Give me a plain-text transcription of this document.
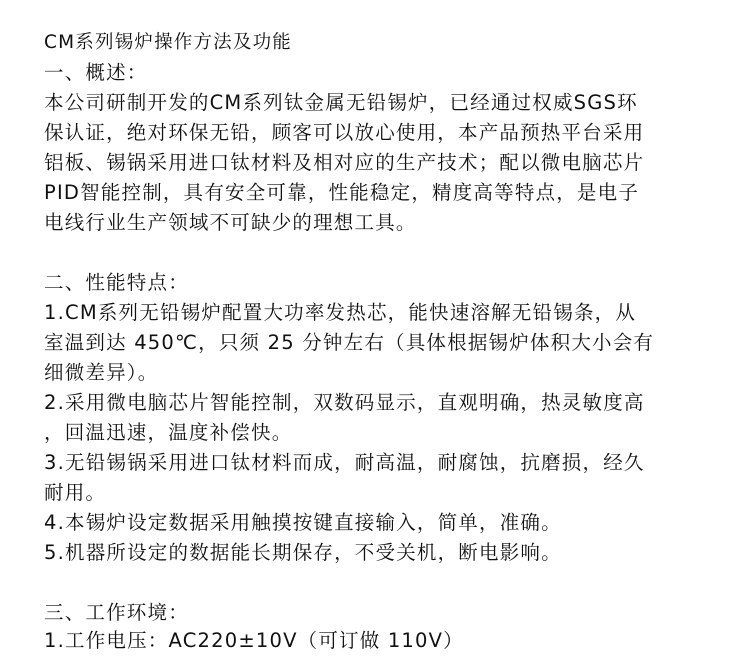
CM系列锡炉操作方法及功能
一、概述：
本公司研制开发的CM系列钛金属无铅锡炉，已经通过权威SGS环
保认证，绝对环保无铅，顾客可以放心使用，本产品预热平台采用
铝板、锡锅采用进口钛材料及相对应的生产技术；配以微电脑芯片
PID智能控制，具有安全可靠，性能稳定，精度高等特点，是电子
电线行业生产领域不可缺少的理想工具。
二、性能特点：
1.CM系列无铅锡炉配置大功率发热芯，能快速溶解无铅锡条，从
室温到达 450℃，只须 25 分钟左右（具体根据锡炉体积大小会有
细微差异）。
2.采用微电脑芯片智能控制，双数码显示，直观明确，热灵敏度高
，回温迅速，温度补偿快。
3.无铅锡锅采用进口钛材料而成，耐高温，耐腐蚀，抗磨损，经久
耐用。
4.本锡炉设定数据采用触摸按键直接输入，简单，准确。
5.机器所设定的数据能长期保存，不受关机，断电影响。
三、工作环境：
1.工作电压：AC220±10V（可订做 110V）
